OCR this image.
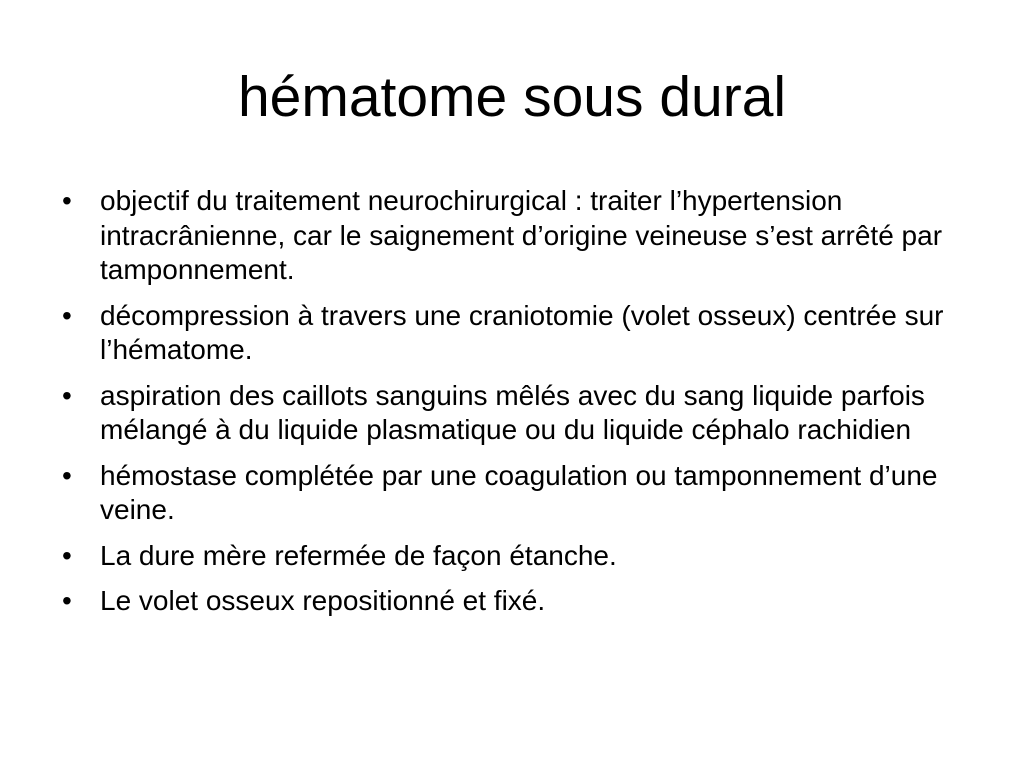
hématome sous dural
•	objectif du traitement neurochirurgical : traiter l’hypertension intracrânienne, car le saignement d’origine veineuse s’est arrêté par tamponnement.
•	décompression à travers une craniotomie (volet osseux) centrée sur l’hématome.
•	aspiration des caillots sanguins mêlés avec du sang liquide parfois mélangé à du liquide plasmatique ou du liquide céphalo rachidien
•	hémostase complétée par une coagulation ou tamponnement d’une veine.
•	La dure mère refermée de façon étanche.
•	Le volet osseux repositionné et fixé.
